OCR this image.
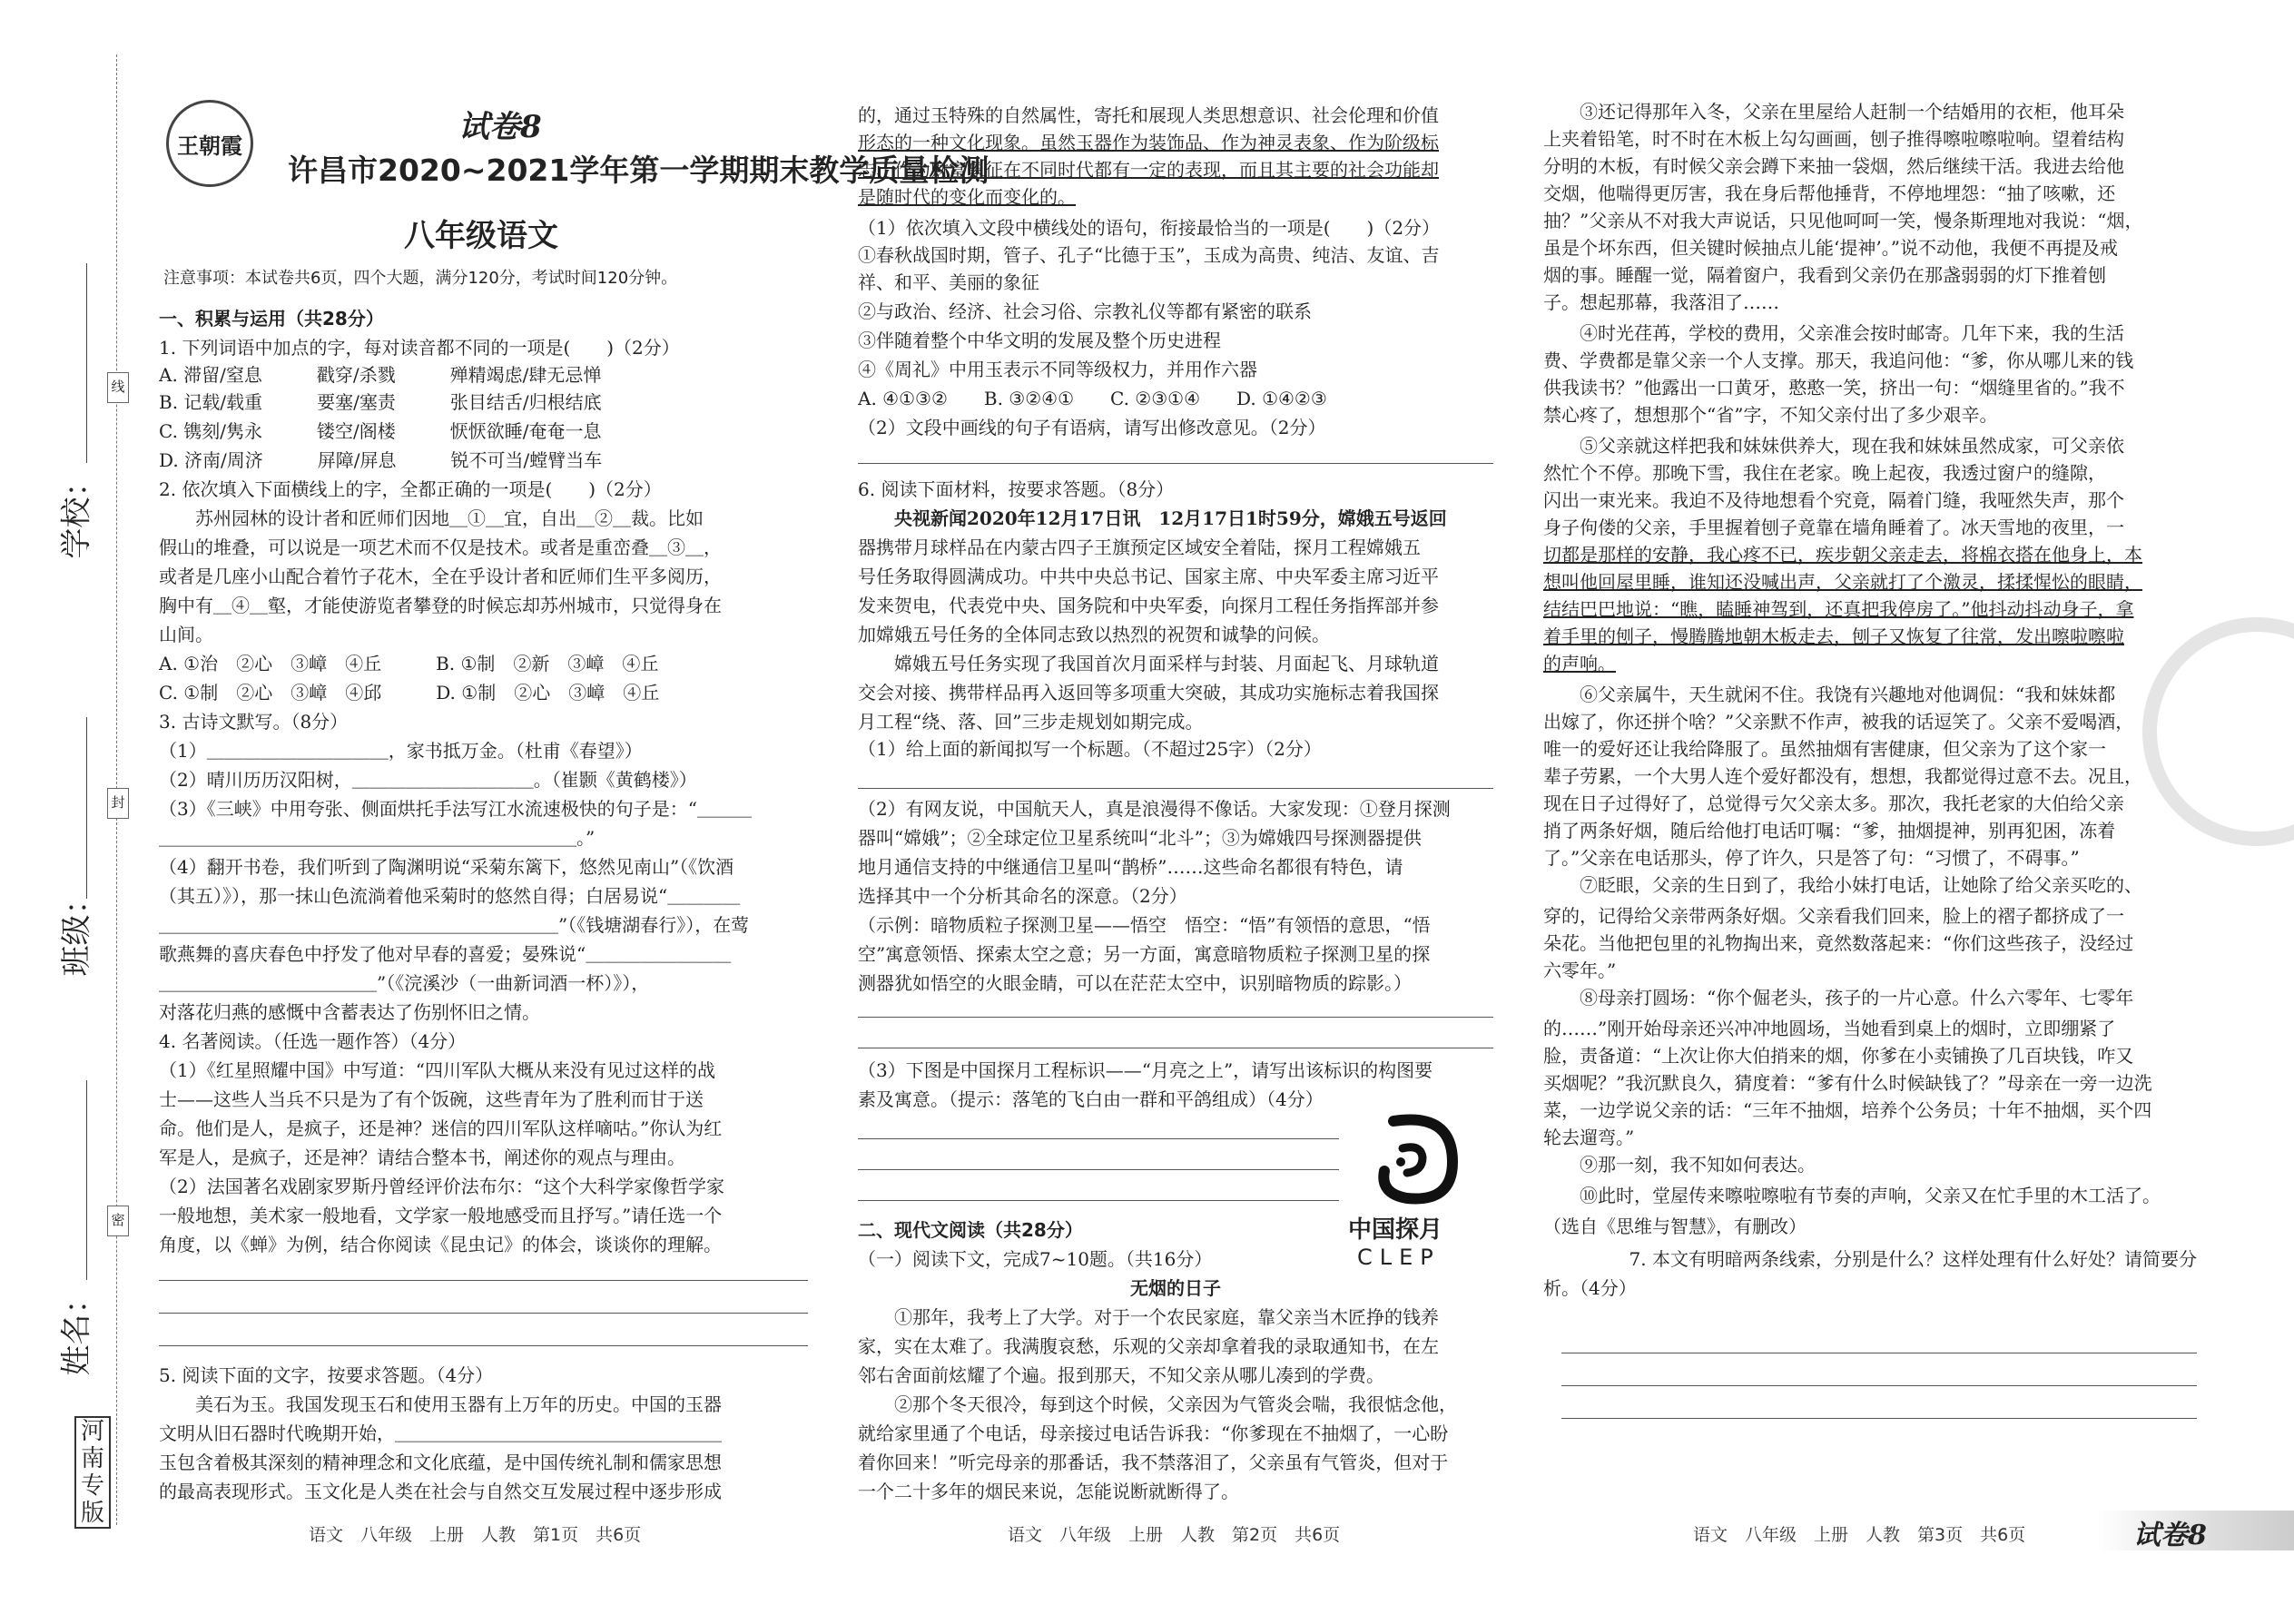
学校：
班级：
姓名：
线
封
密
河南专版
王朝霞
试卷8
许昌市2020~2021学年第一学期期末教学质量检测
八年级语文
注意事项：本试卷共6页，四个大题，满分120分，考试时间120分钟。
一、积累与运用（共28分）
1. 下列词语中加点的字，每对读音都不同的一项是(　　)（2分）
A. 滞留/窒息　　　戳穿/杀戮　　　殚精竭虑/肆无忌惮
B. 记载/载重　　　要塞/塞责　　　张目结舌/归根结底
C. 镌刻/隽永　　　镂空/阁楼　　　恹恹欲睡/奄奄一息
D. 济南/周济　　　屏障/屏息　　　锐不可当/螳臂当车
2. 依次填入下面横线上的字，全都正确的一项是(　　)（2分）
　　苏州园林的设计者和匠师们因地＿①＿宜，自出＿②＿裁。比如
假山的堆叠，可以说是一项艺术而不仅是技术。或者是重峦叠＿③＿，
或者是几座小山配合着竹子花木，全在乎设计者和匠师们生平多阅历，
胸中有＿④＿壑，才能使游览者攀登的时候忘却苏州城市，只觉得身在
山间。
A. ①治　②心　③嶂　④丘　　　B. ①制　②新　③嶂　④丘
C. ①制　②心　③嶂　④邱　　　D. ①制　②心　③嶂　④丘
3. 古诗文默写。（8分）
（1）＿＿＿＿＿＿＿＿＿＿，家书抵万金。（杜甫《春望》）
（2）晴川历历汉阳树，＿＿＿＿＿＿＿＿＿＿。（崔颢《黄鹤楼》）
（3）《三峡》中用夸张、侧面烘托手法写江水流速极快的句子是：“＿＿＿
＿＿＿＿＿＿＿＿＿＿＿＿＿＿＿＿＿＿＿＿＿＿＿。”
（4）翻开书卷，我们听到了陶渊明说“采菊东篱下，悠然见南山”（《饮酒
（其五）》），那一抹山色流淌着他采菊时的悠然自得；白居易说“＿＿＿＿
＿＿＿＿＿＿＿＿＿＿＿＿＿＿＿＿＿＿＿＿＿＿”（《钱塘湖春行》），在莺
歌燕舞的喜庆春色中抒发了他对早春的喜爱；晏殊说“＿＿＿＿＿＿＿＿
＿＿＿＿＿＿＿＿＿＿＿＿”（《浣溪沙（一曲新词酒一杯）》），
对落花归燕的感慨中含蓄表达了伤别怀旧之情。
4. 名著阅读。（任选一题作答）（4分）
（1）《红星照耀中国》中写道：“四川军队大概从来没有见过这样的战
士——这些人当兵不只是为了有个饭碗，这些青年为了胜利而甘于送
命。他们是人，是疯子，还是神？迷信的四川军队这样嘀咕。”你认为红
军是人，是疯子，还是神？请结合整本书，阐述你的观点与理由。
（2）法国著名戏剧家罗斯丹曾经评价法布尔：“这个大科学家像哲学家
一般地想，美术家一般地看，文学家一般地感受而且抒写。”请任选一个
角度，以《蝉》为例，结合你阅读《昆虫记》的体会，谈谈你的理解。
5. 阅读下面的文字，按要求答题。（4分）
　　美石为玉。我国发现玉石和使用玉器有上万年的历史。中国的玉器
文明从旧石器时代晚期开始，＿＿＿＿＿＿＿＿＿＿＿＿＿＿＿＿＿＿
玉包含着极其深刻的精神理念和文化底蕴，是中国传统礼制和儒家思想
的最高表现形式。玉文化是人类在社会与自然交互发展过程中逐步形成
语文　八年级　上册　人教　第1页　共6页
的，通过玉特殊的自然属性，寄托和展现人类思想意识、社会伦理和价值
形态的一种文化现象。虽然玉器作为装饰品、作为神灵表象、作为阶级标
志、作为财富象征在不同时代都有一定的表现，而且其主要的社会功能却
是随时代的变化而变化的。
（1）依次填入文段中横线处的语句，衔接最恰当的一项是(　　)（2分）
①春秋战国时期，管子、孔子“比德于玉”，玉成为高贵、纯洁、友谊、吉
祥、和平、美丽的象征
②与政治、经济、社会习俗、宗教礼仪等都有紧密的联系
③伴随着整个中华文明的发展及整个历史进程
④《周礼》中用玉表示不同等级权力，并用作六器
A. ④①③②　　B. ③②④①　　C. ②③①④　　D. ①④②③
（2）文段中画线的句子有语病，请写出修改意见。（2分）
6. 阅读下面材料，按要求答题。（8分）
　　央视新闻2020年12月17日讯　12月17日1时59分，嫦娥五号返回
器携带月球样品在内蒙古四子王旗预定区域安全着陆，探月工程嫦娥五
号任务取得圆满成功。中共中央总书记、国家主席、中央军委主席习近平
发来贺电，代表党中央、国务院和中央军委，向探月工程任务指挥部并参
加嫦娥五号任务的全体同志致以热烈的祝贺和诚挚的问候。
　　嫦娥五号任务实现了我国首次月面采样与封装、月面起飞、月球轨道
交会对接、携带样品再入返回等多项重大突破，其成功实施标志着我国探
月工程“绕、落、回”三步走规划如期完成。
（1）给上面的新闻拟写一个标题。（不超过25字）（2分）
（2）有网友说，中国航天人，真是浪漫得不像话。大家发现：①登月探测
器叫“嫦娥”；②全球定位卫星系统叫“北斗”；③为嫦娥四号探测器提供
地月通信支持的中继通信卫星叫“鹊桥”……这些命名都很有特色，请
选择其中一个分析其命名的深意。（2分）
（示例：暗物质粒子探测卫星——悟空　悟空：“悟”有领悟的意思，“悟
空”寓意领悟、探索太空之意；另一方面，寓意暗物质粒子探测卫星的探
测器犹如悟空的火眼金睛，可以在茫茫太空中，识别暗物质的踪影。）
（3）下图是中国探月工程标识——“月亮之上”，请写出该标识的构图要
素及寓意。（提示：落笔的飞白由一群和平鸽组成）（4分）
中国探月
CLEP
二、现代文阅读（共28分）
（一）阅读下文，完成7~10题。（共16分）
无烟的日子
　　①那年，我考上了大学。对于一个农民家庭，靠父亲当木匠挣的钱养
家，实在太难了。我满腹哀愁，乐观的父亲却拿着我的录取通知书，在左
邻右舍面前炫耀了个遍。报到那天，不知父亲从哪儿凑到的学费。
　　②那个冬天很冷，每到这个时候，父亲因为气管炎会喘，我很惦念他，
就给家里通了个电话，母亲接过电话告诉我：“你爹现在不抽烟了，一心盼
着你回来！”听完母亲的那番话，我不禁落泪了，父亲虽有气管炎，但对于
一个二十多年的烟民来说，怎能说断就断得了。
语文　八年级　上册　人教　第2页　共6页
　　③还记得那年入冬，父亲在里屋给人赶制一个结婚用的衣柜，他耳朵
上夹着铅笔，时不时在木板上勾勾画画，刨子推得嚓啦嚓啦响。望着结构
分明的木板，有时候父亲会蹲下来抽一袋烟，然后继续干活。我进去给他
交烟，他喘得更厉害，我在身后帮他捶背，不停地埋怨：“抽了咳嗽，还
抽？”父亲从不对我大声说话，只见他呵呵一笑，慢条斯理地对我说：“烟，
虽是个坏东西，但关键时候抽点儿能‘提神’。”说不动他，我便不再提及戒
烟的事。睡醒一觉，隔着窗户，我看到父亲仍在那盏弱弱的灯下推着刨
子。想起那幕，我落泪了……
　　④时光荏苒，学校的费用，父亲准会按时邮寄。几年下来，我的生活
费、学费都是靠父亲一个人支撑。那天，我追问他：“爹，你从哪儿来的钱
供我读书？”他露出一口黄牙，憨憨一笑，挤出一句：“烟缝里省的。”我不
禁心疼了，想想那个“省”字，不知父亲付出了多少艰辛。
　　⑤父亲就这样把我和妹妹供养大，现在我和妹妹虽然成家，可父亲依
然忙个不停。那晚下雪，我住在老家。晚上起夜，我透过窗户的缝隙，
闪出一束光来。我迫不及待地想看个究竟，隔着门缝，我哑然失声，那个
身子佝偻的父亲，手里握着刨子竟靠在墙角睡着了。冰天雪地的夜里，一
切都是那样的安静，我心疼不已，疾步朝父亲走去，将棉衣搭在他身上，本
想叫他回屋里睡，谁知还没喊出声，父亲就打了个激灵，揉揉惺忪的眼睛，
结结巴巴地说：“瞧，瞌睡神驾到，还真把我停房了。”他抖动抖动身子，拿
着手里的刨子，慢腾腾地朝木板走去，刨子又恢复了往常，发出嚓啦嚓啦
的声响。
　　⑥父亲属牛，天生就闲不住。我饶有兴趣地对他调侃：“我和妹妹都
出嫁了，你还拼个啥？”父亲默不作声，被我的话逗笑了。父亲不爱喝酒，
唯一的爱好还让我给降服了。虽然抽烟有害健康，但父亲为了这个家一
辈子劳累，一个大男人连个爱好都没有，想想，我都觉得过意不去。况且，
现在日子过得好了，总觉得亏欠父亲太多。那次，我托老家的大伯给父亲
捎了两条好烟，随后给他打电话叮嘱：“爹，抽烟提神，别再犯困，冻着
了。”父亲在电话那头，停了许久，只是答了句：“习惯了，不碍事。”
　　⑦眨眼，父亲的生日到了，我给小妹打电话，让她除了给父亲买吃的、
穿的，记得给父亲带两条好烟。父亲看我们回来，脸上的褶子都挤成了一
朵花。当他把包里的礼物掏出来，竟然数落起来：“你们这些孩子，没经过
六零年。”
　　⑧母亲打圆场：“你个倔老头，孩子的一片心意。什么六零年、七零年
的……”刚开始母亲还兴冲冲地圆场，当她看到桌上的烟时，立即绷紧了
脸，责备道：“上次让你大伯捎来的烟，你爹在小卖铺换了几百块钱，咋又
买烟呢？”我沉默良久，猜度着：“爹有什么时候缺钱了？”母亲在一旁一边洗
菜，一边学说父亲的话：“三年不抽烟，培养个公务员；十年不抽烟，买个四
轮去遛弯。”
　　⑨那一刻，我不知如何表达。
　　⑩此时，堂屋传来嚓啦嚓啦有节奏的声响，父亲又在忙手里的木工活了。
（选自《思维与智慧》，有删改）
7. 本文有明暗两条线索，分别是什么？这样处理有什么好处？请简要分
析。（4分）
语文　八年级　上册　人教　第3页　共6页	试卷8
